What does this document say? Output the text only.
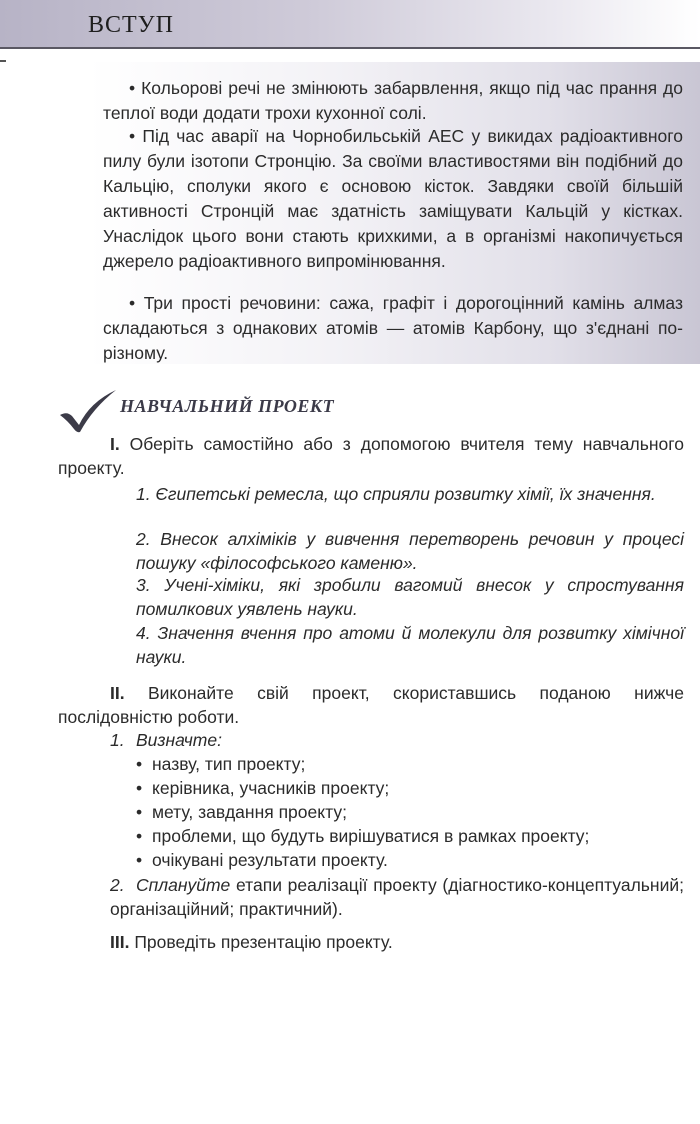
ВСТУП

• Кольорові речі не змінюють забарвлення, якщо під час прання до теплої води додати трохи кухонної солі.

• Під час аварії на Чорнобильській АЕС у викидах радіоактивного пилу були ізотопи Стронцію. За своїми властивостями він подібний до Кальцію, сполуки якого є основою кісток. Завдяки своїй більшій активності Стронцій має здатність заміщувати Кальцій у кістках. Унаслідок цього вони стають крихкими, а в організмі накопичується джерело радіоактивного випромінювання.

• Три прості речовини: сажа, графіт і дорогоцінний камінь алмаз складаються з однакових атомів — атомів Карбону, що з'єднані по-різному.

НАВЧАЛЬНИЙ ПРОЕКТ

I. Оберіть самостійно або з допомогою вчителя тему навчального проекту.

1. Єгипетські ремесла, що сприяли розвитку хімії, їх значення.

2. Внесок алхіміків у вивчення перетворень речовин у процесі пошуку «філософського каменю».

3. Учені-хіміки, які зробили вагомий внесок у спростування помилкових уявлень науки.

4. Значення вчення про атоми й молекули для розвитку хімічної науки.

II. Виконайте свій проект, скориставшись поданою нижче послідовністю роботи.

1. Визначте:

• назву, тип проекту;

• керівника, учасників проекту;

• мету, завдання проекту;

• проблеми, що будуть вирішуватися в рамках проекту;

• очікувані результати проекту.

2. Сплануйте етапи реалізації проекту (діагностико-концептуальний; організаційний; практичний).

III. Проведіть презентацію проекту.
